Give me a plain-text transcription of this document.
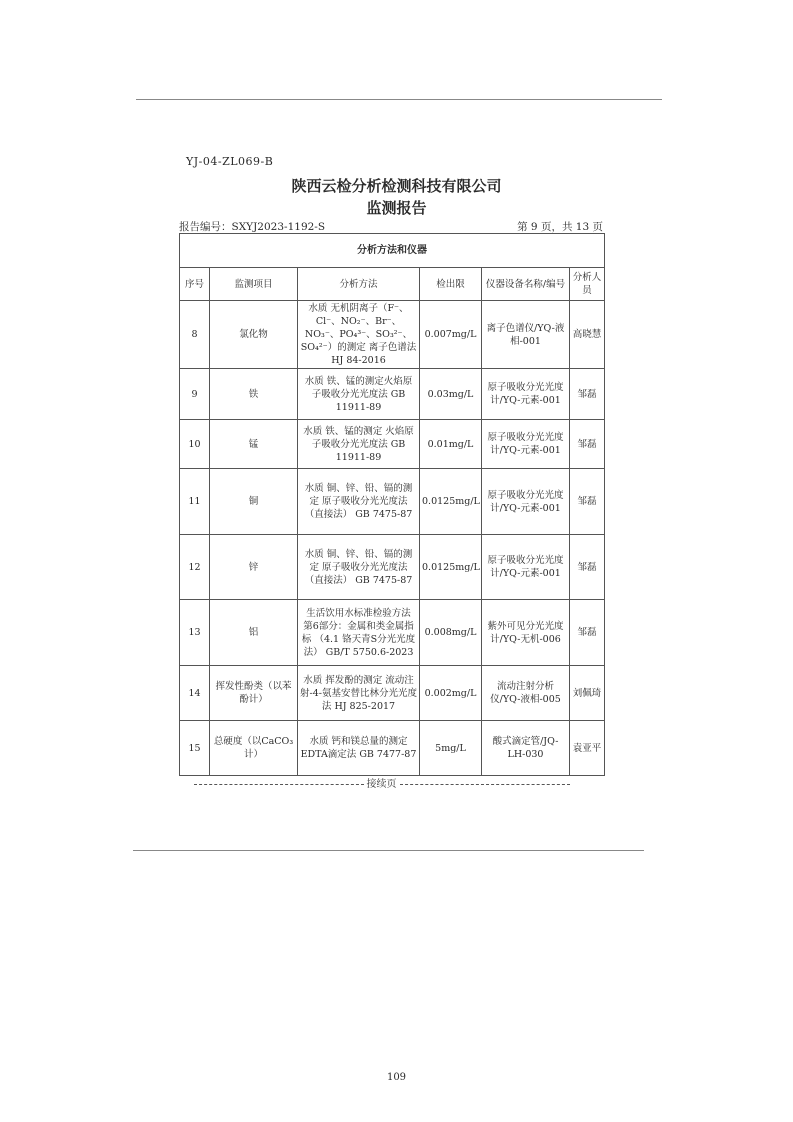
YJ-04-ZL069-B
陕西云检分析检测科技有限公司
监测报告
报告编号：SXYJ2023-1192-S	第 9 页，共 13 页
分析方法和仪器					
序号	监测项目	分析方法	检出限	仪器设备名称/编号	分析人员
8	氯化物	水质 无机阴离子（F⁻、Cl⁻、NO₂⁻、Br⁻、NO₃⁻、PO₄³⁻、SO₃²⁻、SO₄²⁻）的测定 离子色谱法 HJ 84-2016	0.007mg/L	离子色谱仪/YQ-液相-001	高晓慧
9	铁	水质 铁、锰的测定火焰原子吸收分光光度法 GB 11911-89	0.03mg/L	原子吸收分光光度计/YQ-元素-001	邹磊
10	锰	水质 铁、锰的测定 火焰原子吸收分光光度法 GB 11911-89	0.01mg/L	原子吸收分光光度计/YQ-元素-001	邹磊
11	铜	水质 铜、锌、铅、镉的测定 原子吸收分光光度法 （直接法） GB 7475-87	0.0125mg/L	原子吸收分光光度计/YQ-元素-001	邹磊
12	锌	水质 铜、锌、铅、镉的测定 原子吸收分光光度法 （直接法） GB 7475-87	0.0125mg/L	原子吸收分光光度计/YQ-元素-001	邹磊
13	铝	生活饮用水标准检验方法 第6部分：金属和类金属指标 （4.1 铬天青S分光光度法） GB/T 5750.6-2023	0.008mg/L	紫外可见分光光度计/YQ-无机-006	邹磊
14	挥发性酚类（以苯酚计）	水质 挥发酚的测定 流动注射-4-氨基安替比林分光光度法 HJ 825-2017	0.002mg/L	流动注射分析仪/YQ-液相-005	刘佩琦
15	总硬度（以CaCO₃计）	水质 钙和镁总量的测定 EDTA滴定法 GB 7477-87	5mg/L	酸式滴定管/JQ-LH-030	袁亚平
接续页
109
